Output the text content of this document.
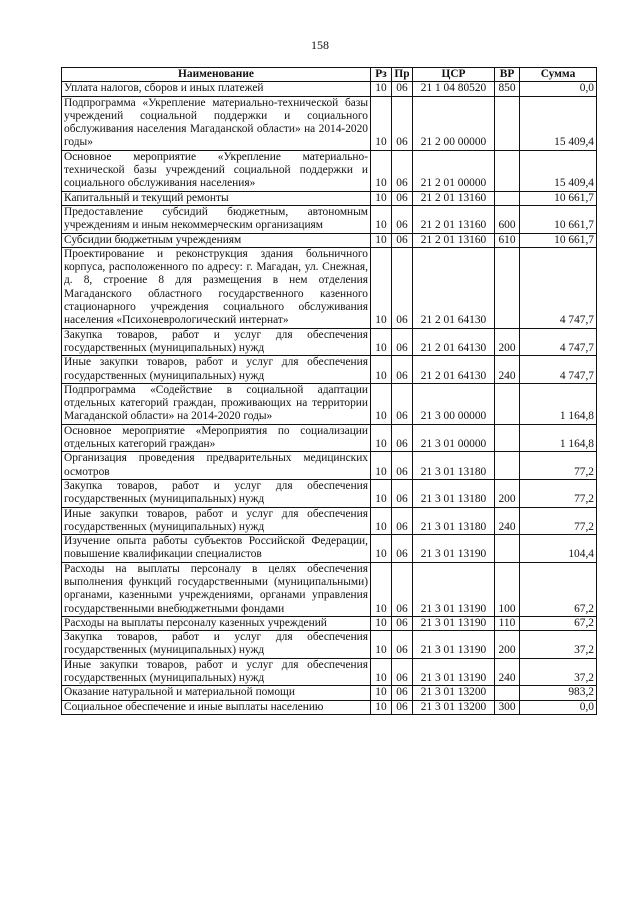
158
Наименование	Рз	Пр	ЦСР	ВР	Сумма
Уплата налогов, сборов и иных платежей	10	06	21 1 04 80520	850	0,0
Подпрограмма «Укрепление материально-технической базы учреждений социальной поддержки и социального обслуживания населения Магаданской области» на 2014-2020 годы»	10	06	21 2 00 00000		15 409,4
Основное мероприятие «Укрепление материально-технической базы учреждений социальной поддержки и социального обслуживания населения»	10	06	21 2 01 00000		15 409,4
Капитальный и текущий ремонты	10	06	21 2 01 13160		10 661,7
Предоставление субсидий бюджетным, автономным учреждениям и иным некоммерческим организациям	10	06	21 2 01 13160	600	10 661,7
Субсидии бюджетным учреждениям	10	06	21 2 01 13160	610	10 661,7
Проектирование и реконструкция здания больничного корпуса, расположенного по адресу: г. Магадан, ул. Снежная, д. 8, строение 8 для размещения в нем отделения Магаданского областного государственного казенного стационарного учреждения социального обслуживания населения «Психоневрологический интернат»	10	06	21 2 01 64130		4 747,7
Закупка товаров, работ и услуг для обеспечения государственных (муниципальных) нужд	10	06	21 2 01 64130	200	4 747,7
Иные закупки товаров, работ и услуг для обеспечения государственных (муниципальных) нужд	10	06	21 2 01 64130	240	4 747,7
Подпрограмма «Содействие в социальной адаптации отдельных категорий граждан, проживающих на территории Магаданской области» на 2014-2020 годы»	10	06	21 3 00 00000		1 164,8
Основное мероприятие «Мероприятия по социализации отдельных категорий граждан»	10	06	21 3 01 00000		1 164,8
Организация проведения предварительных медицинских осмотров	10	06	21 3 01 13180		77,2
Закупка товаров, работ и услуг для обеспечения государственных (муниципальных) нужд	10	06	21 3 01 13180	200	77,2
Иные закупки товаров, работ и услуг для обеспечения государственных (муниципальных) нужд	10	06	21 3 01 13180	240	77,2
Изучение опыта работы субъектов Российской Федерации, повышение квалификации специалистов	10	06	21 3 01 13190		104,4
Расходы на выплаты персоналу в целях обеспечения выполнения функций государственными (муниципальными) органами, казенными учреждениями, органами управления государственными внебюджетными фондами	10	06	21 3 01 13190	100	67,2
Расходы на выплаты персоналу казенных учреждений	10	06	21 3 01 13190	110	67,2
Закупка товаров, работ и услуг для обеспечения государственных (муниципальных) нужд	10	06	21 3 01 13190	200	37,2
Иные закупки товаров, работ и услуг для обеспечения государственных (муниципальных) нужд	10	06	21 3 01 13190	240	37,2
Оказание натуральной и материальной помощи	10	06	21 3 01 13200		983,2
Социальное обеспечение и иные выплаты населению	10	06	21 3 01 13200	300	0,0
